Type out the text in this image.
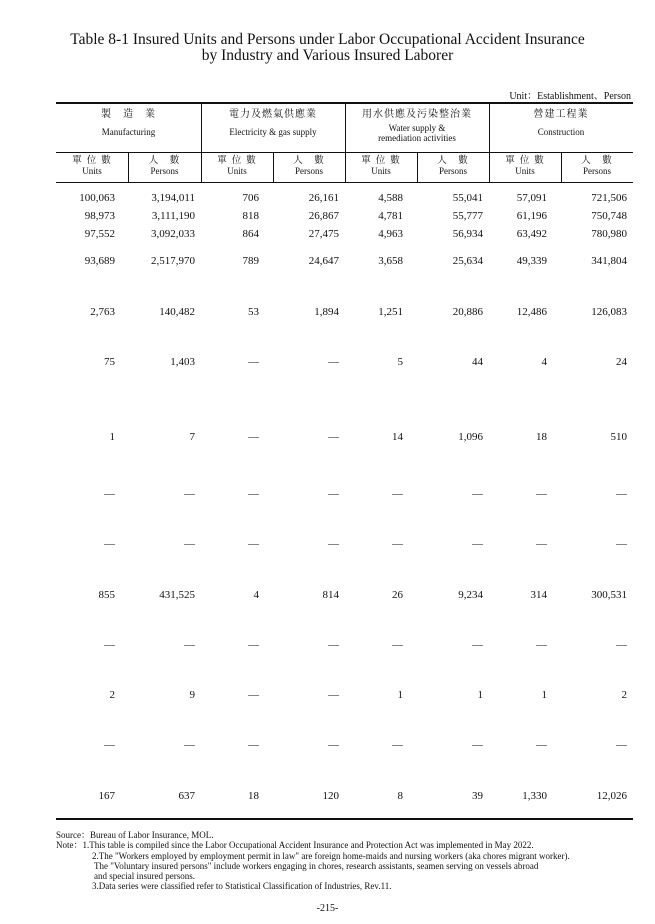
Table 8-1 Insured Units and Persons under Labor Occupational Accident Insurance
by Industry and Various Insured Laborer
Unit：Establishment、Person
製　造　業
Manufacturing
電力及燃氣供應業
Electricity & gas supply
用水供應及污染整治業
Water supply &
remediation activities
營建工程業
Construction
單 位 數
Units
人　數
Persons
單 位 數
Units
人　數
Persons
單 位 數
Units
人　數
Persons
單 位 數
Units
人　數
Persons
100,063	3,194,011	706	26,161	4,588	55,041	57,091	721,506
98,973	3,111,190	818	26,867	4,781	55,777	61,196	750,748
97,552	3,092,033	864	27,475	4,963	56,934	63,492	780,980
93,689	2,517,970	789	24,647	3,658	25,634	49,339	341,804
2,763	140,482	53	1,894	1,251	20,886	12,486	126,083
75	1,403	—	—	5	44	4	24
1	7	—	—	14	1,096	18	510
—	—	—	—	—	—	—	—
—	—	—	—	—	—	—	—
855	431,525	4	814	26	9,234	314	300,531
—	—	—	—	—	—	—	—
2	9	—	—	1	1	1	2
—	—	—	—	—	—	—	—
167	637	18	120	8	39	1,330	12,026
Source：Bureau of Labor Insurance, MOL.
Note：1.This table is compiled since the Labor Occupational Accident Insurance and Protection Act was implemented in May 2022.
2.The "Workers employed by employment permit in law" are foreign home-maids and nursing workers (aka chores migrant worker).
The "Voluntary insured persons" include workers engaging in chores, research assistants, seamen serving on vessels abroad
and special insured persons.
3.Data series were classified refer to Statistical Classification of Industries, Rev.11.
-215-
